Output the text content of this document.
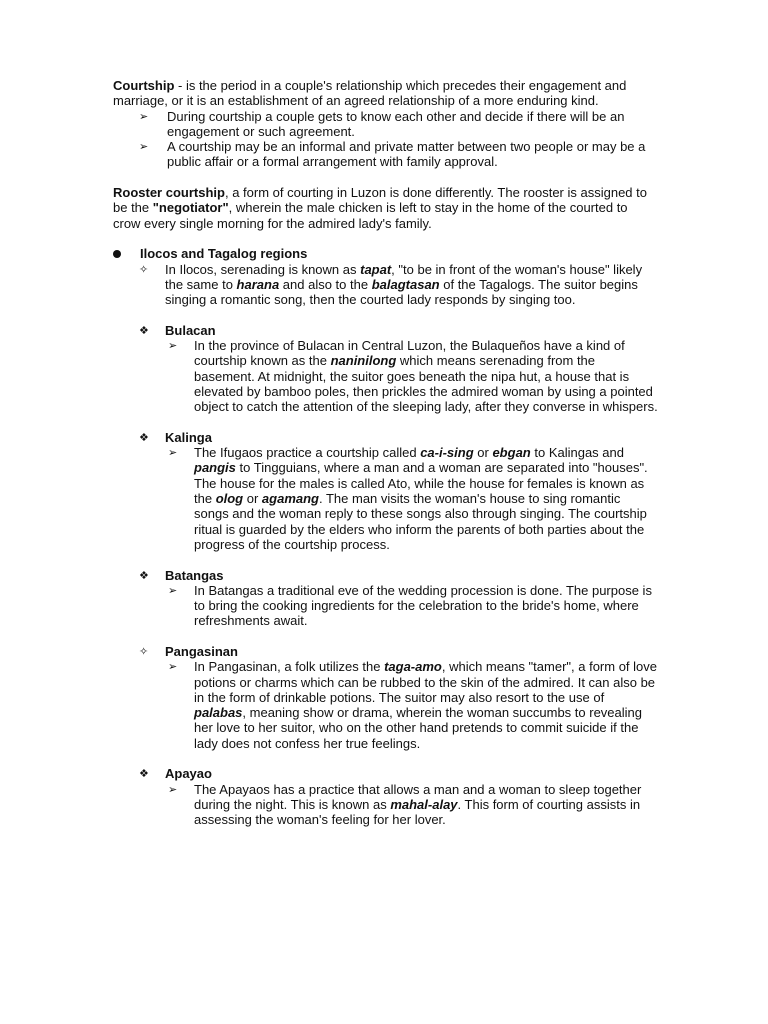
Courtship - is the period in a couple's relationship which precedes their engagement and marriage, or it is an establishment of an agreed relationship of a more enduring kind.

➢	During courtship a couple gets to know each other and decide if there will be an engagement or such agreement.
➢	A courtship may be an informal and private matter between two people or may be a public affair or a formal arrangement with family approval.

Rooster courtship, a form of courting in Luzon is done differently. The rooster is assigned to be the "negotiator", wherein the male chicken is left to stay in the home of the courted to crow every single morning for the admired lady's family.

Ilocos and Tagalog regions
✧	In Ilocos, serenading is known as tapat, "to be in front of the woman's house" likely the same to harana and also to the balagtasan of the Tagalogs. The suitor begins singing a romantic song, then the courted lady responds by singing too.
❖	Bulacan
➢	In the province of Bulacan in Central Luzon, the Bulaqueños have a kind of courtship known as the naninilong which means serenading from the basement. At midnight, the suitor goes beneath the nipa hut, a house that is elevated by bamboo poles, then prickles the admired woman by using a pointed object to catch the attention of the sleeping lady, after they converse in whispers.
❖	Kalinga
➢	The Ifugaos practice a courtship called ca-i-sing or ebgan to Kalingas and pangis to Tingguians, where a man and a woman are separated into "houses". The house for the males is called Ato, while the house for females is known as the olog or agamang. The man visits the woman's house to sing romantic songs and the woman reply to these songs also through singing. The courtship ritual is guarded by the elders who inform the parents of both parties about the progress of the courtship process.
❖	Batangas
➢	In Batangas a traditional eve of the wedding procession is done. The purpose is to bring the cooking ingredients for the celebration to the bride's home, where refreshments await.
✧	Pangasinan
➢	In Pangasinan, a folk utilizes the taga-amo, which means "tamer", a form of love potions or charms which can be rubbed to the skin of the admired. It can also be in the form of drinkable potions. The suitor may also resort to the use of palabas, meaning show or drama, wherein the woman succumbs to revealing her love to her suitor, who on the other hand pretends to commit suicide if the lady does not confess her true feelings.
❖	Apayao
➢	The Apayaos has a practice that allows a man and a woman to sleep together during the night. This is known as mahal-alay. This form of courting assists in assessing the woman's feeling for her lover.
